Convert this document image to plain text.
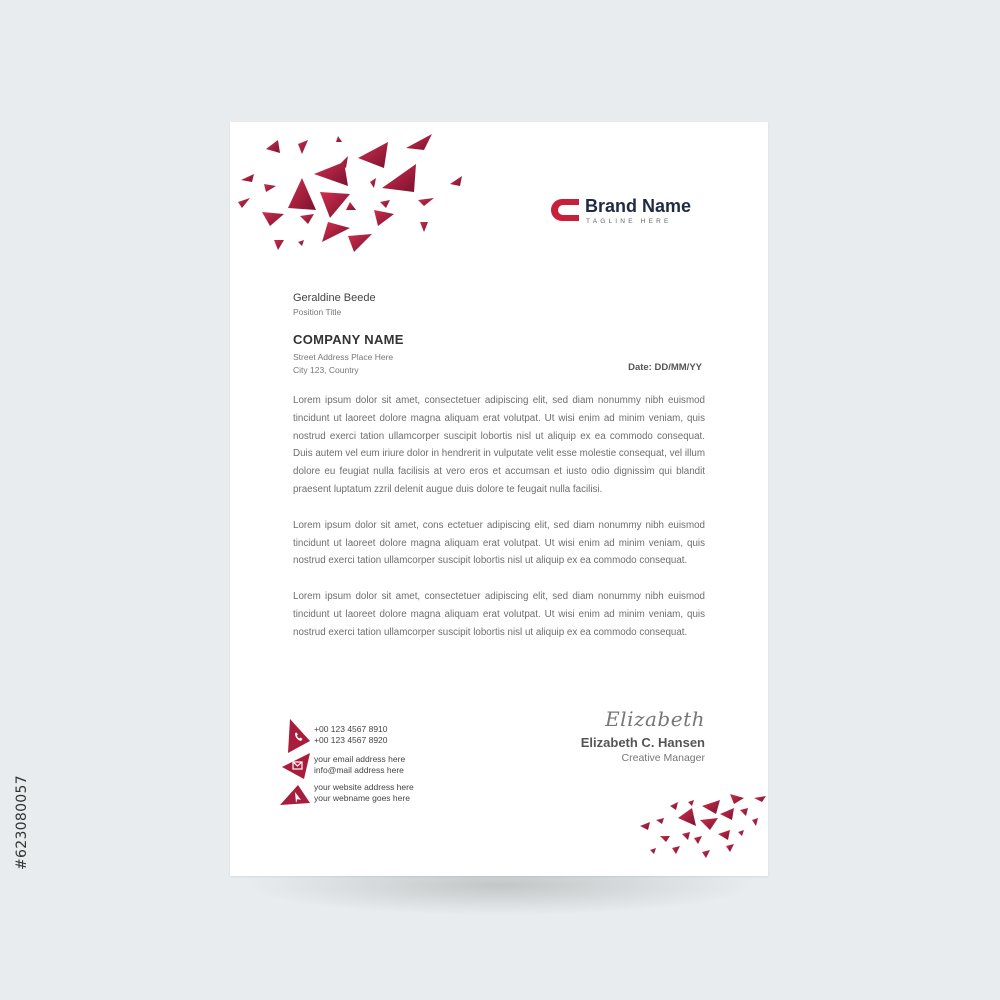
#623080057
Brand Name
TAGLINE HERE
Geraldine Beede
Position Title
COMPANY NAME
Street Address Place Here
City 123, Country	Date: DD/MM/YY

Lorem ipsum dolor sit amet, consectetuer adipiscing elit, sed diam nonummy nibh euismod tincidunt ut laoreet dolore magna aliquam erat volutpat. Ut wisi enim ad minim veniam, quis nostrud exerci tation ullamcorper suscipit lobortis nisl ut aliquip ex ea commodo consequat. Duis autem vel eum iriure dolor in hendrerit in vulputate velit esse molestie consequat, vel illum dolore eu feugiat nulla facilisis at vero eros et accumsan et iusto odio dignissim qui blandit praesent luptatum zzril delenit augue duis dolore te feugait nulla facilisi.

Lorem ipsum dolor sit amet, cons ectetuer adipiscing elit, sed diam nonummy nibh euismod tincidunt ut laoreet dolore magna aliquam erat volutpat. Ut wisi enim ad minim veniam, quis nostrud exerci tation ullamcorper suscipit lobortis nisl ut aliquip ex ea commodo consequat.

Lorem ipsum dolor sit amet, consectetuer adipiscing elit, sed diam nonummy nibh euismod tincidunt ut laoreet dolore magna aliquam erat volutpat. Ut wisi enim ad minim veniam, quis nostrud exerci tation ullamcorper suscipit lobortis nisl ut aliquip ex ea commodo consequat.

+00 123 4567 8910
+00 123 4567 8920
your email address here
info@mail address here
your website address here
your webname goes here
Elizabeth
Elizabeth C. Hansen
Creative Manager
